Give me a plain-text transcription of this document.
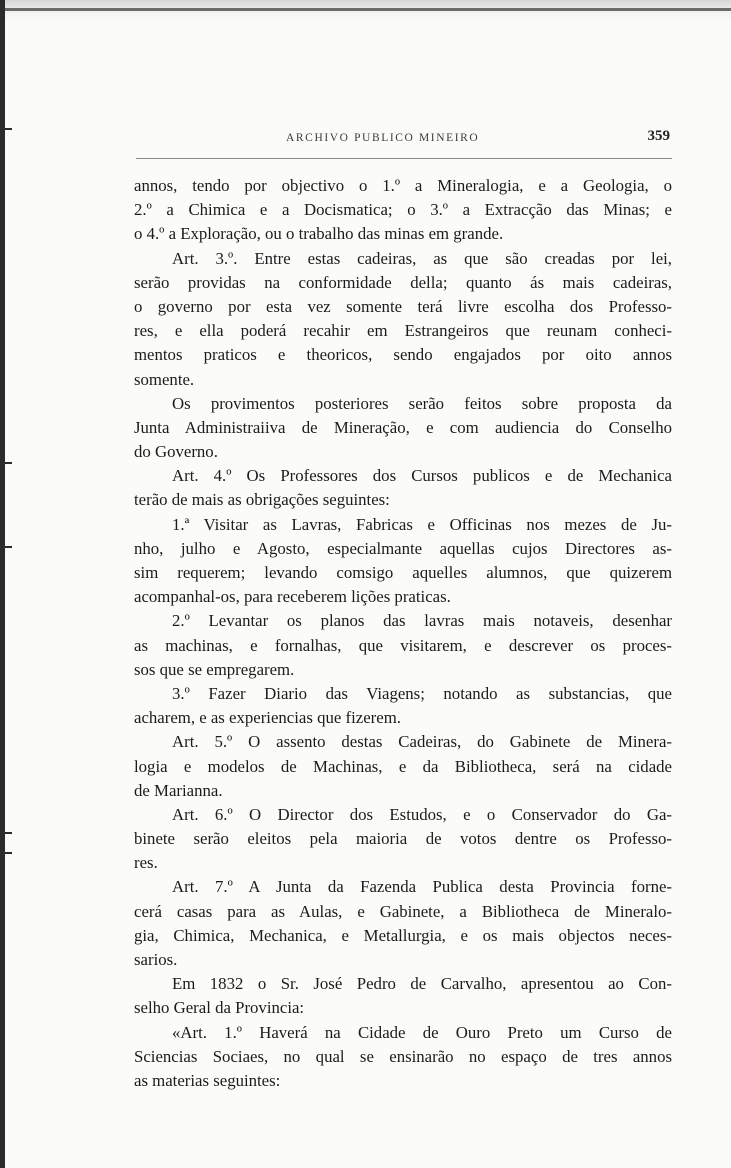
ARCHIVO PUBLICO MINEIRO	359
annos, tendo por objectivo o 1.º a Mineralogia, e a Geologia, o
2.º a Chimica e a Docismatica; o 3.º a Extracção das Minas; e
o 4.º a Exploração, ou o trabalho das minas em grande.
Art. 3.º. Entre estas cadeiras, as que são creadas por lei,
serão providas na conformidade della; quanto ás mais cadeiras,
o governo por esta vez somente terá livre escolha dos Professo-
res, e ella poderá recahir em Estrangeiros que reunam conheci-
mentos praticos e theoricos, sendo engajados por oito annos
somente.
Os provimentos posteriores serão feitos sobre proposta da
Junta Administraiiva de Mineração, e com audiencia do Conselho
do Governo.
Art. 4.º Os Professores dos Cursos publicos e de Mechanica
terão de mais as obrigações seguintes:
1.ª Visitar as Lavras, Fabricas e Officinas nos mezes de Ju-
nho, julho e Agosto, especialmante aquellas cujos Directores as-
sim requerem; levando comsigo aquelles alumnos, que quizerem
acompanhal-os, para receberem lições praticas.
2.º Levantar os planos das lavras mais notaveis, desenhar
as machinas, e fornalhas, que visitarem, e descrever os proces-
sos que se empregarem.
3.º Fazer Diario das Viagens; notando as substancias, que
acharem, e as experiencias que fizerem.
Art. 5.º O assento destas Cadeiras, do Gabinete de Minera-
logia e modelos de Machinas, e da Bibliotheca, será na cidade
de Marianna.
Art. 6.º O Director dos Estudos, e o Conservador do Ga-
binete serão eleitos pela maioria de votos dentre os Professo-
res.
Art. 7.º A Junta da Fazenda Publica desta Provincia forne-
cerá casas para as Aulas, e Gabinete, a Bibliotheca de Mineralo-
gia, Chimica, Mechanica, e Metallurgia, e os mais objectos neces-
sarios.
Em 1832 o Sr. José Pedro de Carvalho, apresentou ao Con-
selho Geral da Provincia:
«Art. 1.º Haverá na Cidade de Ouro Preto um Curso de
Sciencias Sociaes, no qual se ensinarão no espaço de tres annos
as materias seguintes:
